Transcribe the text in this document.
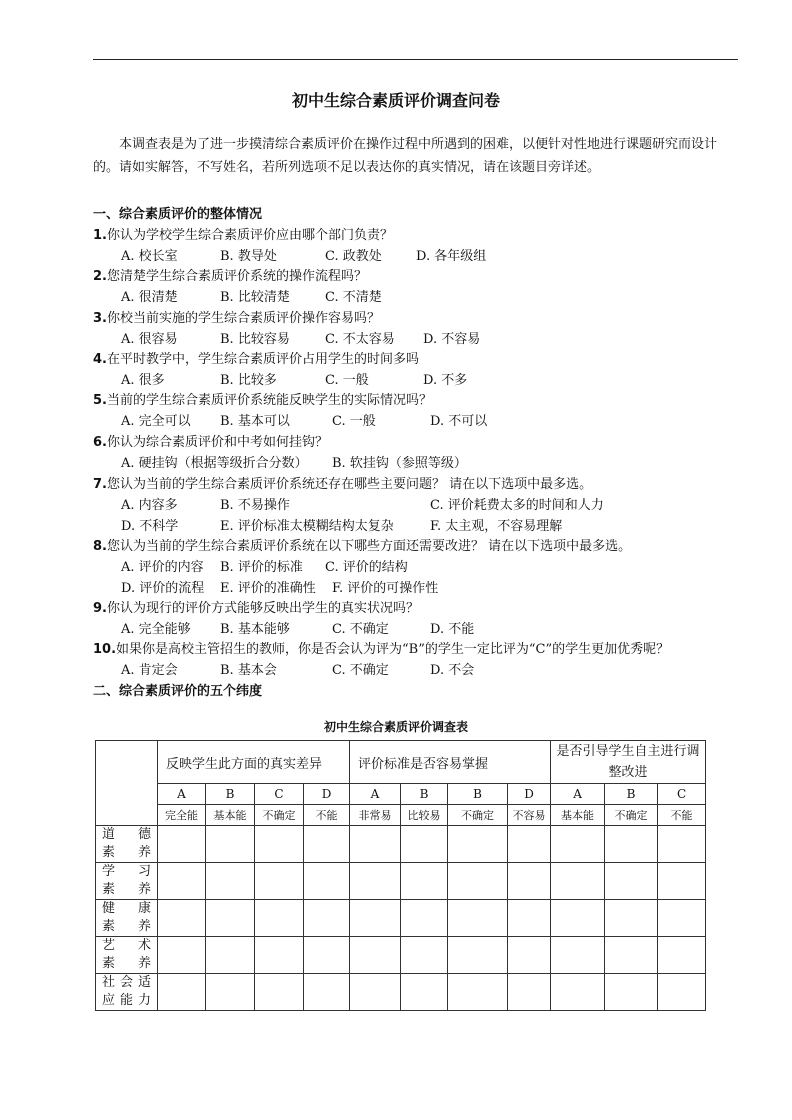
初中生综合素质评价调查问卷
本调查表是为了进一步摸清综合素质评价在操作过程中所遇到的困难，以便针对性地进行课题研究而设计的。请如实解答，不写姓名，若所列选项不足以表达你的真实情况，请在该题目旁详述。
一、综合素质评价的整体情况
1.你认为学校学生综合素质评价应由哪个部门负责？
A. 校长室	B. 教导处	C. 政教处	D. 各年级组
2.您清楚学生综合素质评价系统的操作流程吗？
A. 很清楚	B. 比较清楚	C. 不清楚
3.你校当前实施的学生综合素质评价操作容易吗？
A. 很容易	B. 比较容易	C. 不太容易 D. 不容易
4.在平时教学中，学生综合素质评价占用学生的时间多吗
A. 很多	B. 比较多	C. 一般	D. 不多
5.当前的学生综合素质评价系统能反映学生的实际情况吗？
A. 完全可以 B. 基本可以	C. 一般	D. 不可以
6.你认为综合素质评价和中考如何挂钩？
A. 硬挂钩（根据等级折合分数） B. 软挂钩（参照等级）
7.您认为当前的学生综合素质评价系统还存在哪些主要问题？ 请在以下选项中最多选。
A. 内容多	B. 不易操作	C. 评价耗费太多的时间和人力
D. 不科学	E. 评价标准太模糊结构太复杂	F. 太主观，不容易理解
8.您认为当前的学生综合素质评价系统在以下哪些方面还需要改进？ 请在以下选项中最多选。
A. 评价的内容 B. 评价的标准 C. 评价的结构
D. 评价的流程 E. 评价的准确性 F. 评价的可操作性
9.你认为现行的评价方式能够反映出学生的真实状况吗？
A. 完全能够 B. 基本能够	C. 不确定	D. 不能
10.如果你是高校主管招生的教师，你是否会认为评为“B”的学生一定比评为“C”的学生更加优秀呢？
A. 肯定会	B. 基本会	C. 不确定	D. 不会
二、综合素质评价的五个纬度
初中生综合素质评价调查表
	反映学生此方面的真实差异				评价标准是否容易掌握				是否引导学生自主进行调整改进		
	A	B	C	D	A	B	B	D	A	B	C
	完全能	基本能	不确定	不能	非常易	比较易	不确定	不容易	基本能	不确定	不能

道　德
素　养											

学　习
素　养											

健　康
素　养											

艺　术
素　养											

社会适
应能力											
